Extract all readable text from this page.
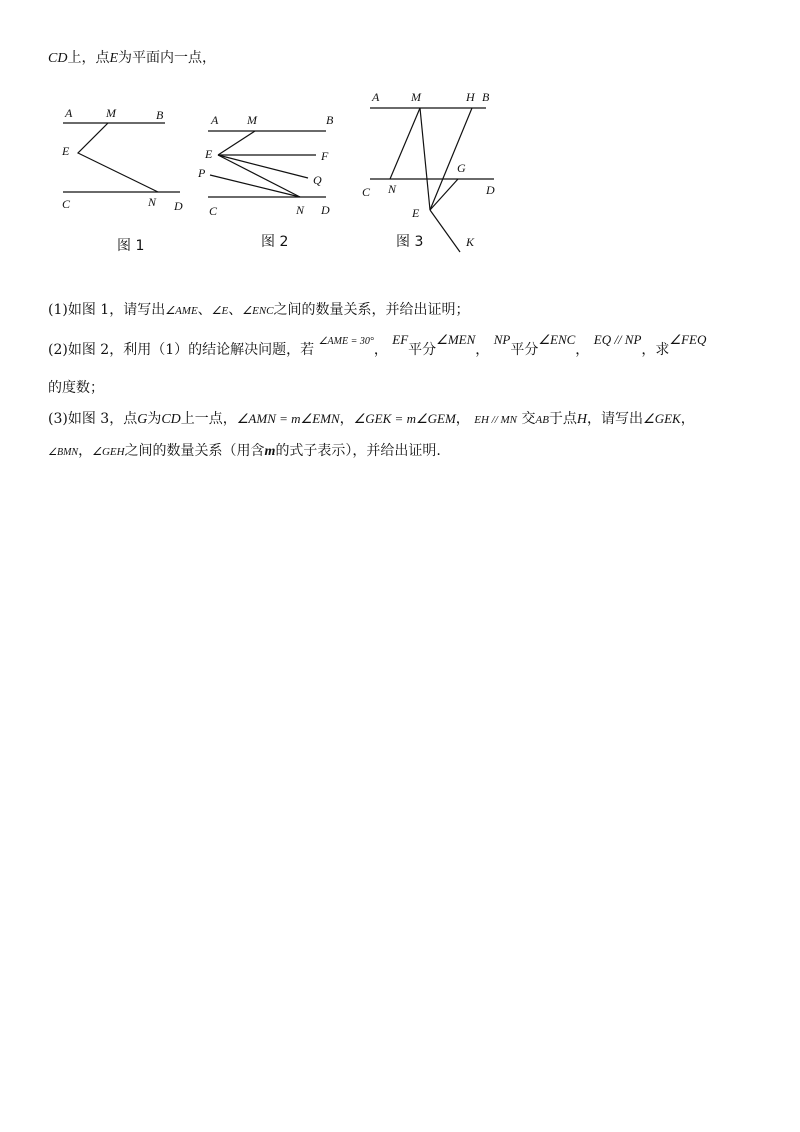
CD上，点E为平面内一点，
A	M	B
E
C	N D
图 1
A M	B
E	F
P	Q
C	N D
图 2
A	M	H B
G
C N	D
E
K
图 3
(1)如图 1，请写出∠AME、∠E、∠ENC之间的数量关系，并给出证明；
(2)如图 2，利用（1）的结论解决问题，若 $^{\angle AME = 30^\circ}$， EF平分∠MEN， NP平分∠ENC， EQ // NP，求∠FEQ
的度数；
(3)如图 3，点G为CD上一点，∠AMN = m∠EMN，∠GEK = m∠GEM， EH // MN 交AB于点H，请写出∠GEK，
∠BMN，∠GEH之间的数量关系（用含m的式子表示），并给出证明.
